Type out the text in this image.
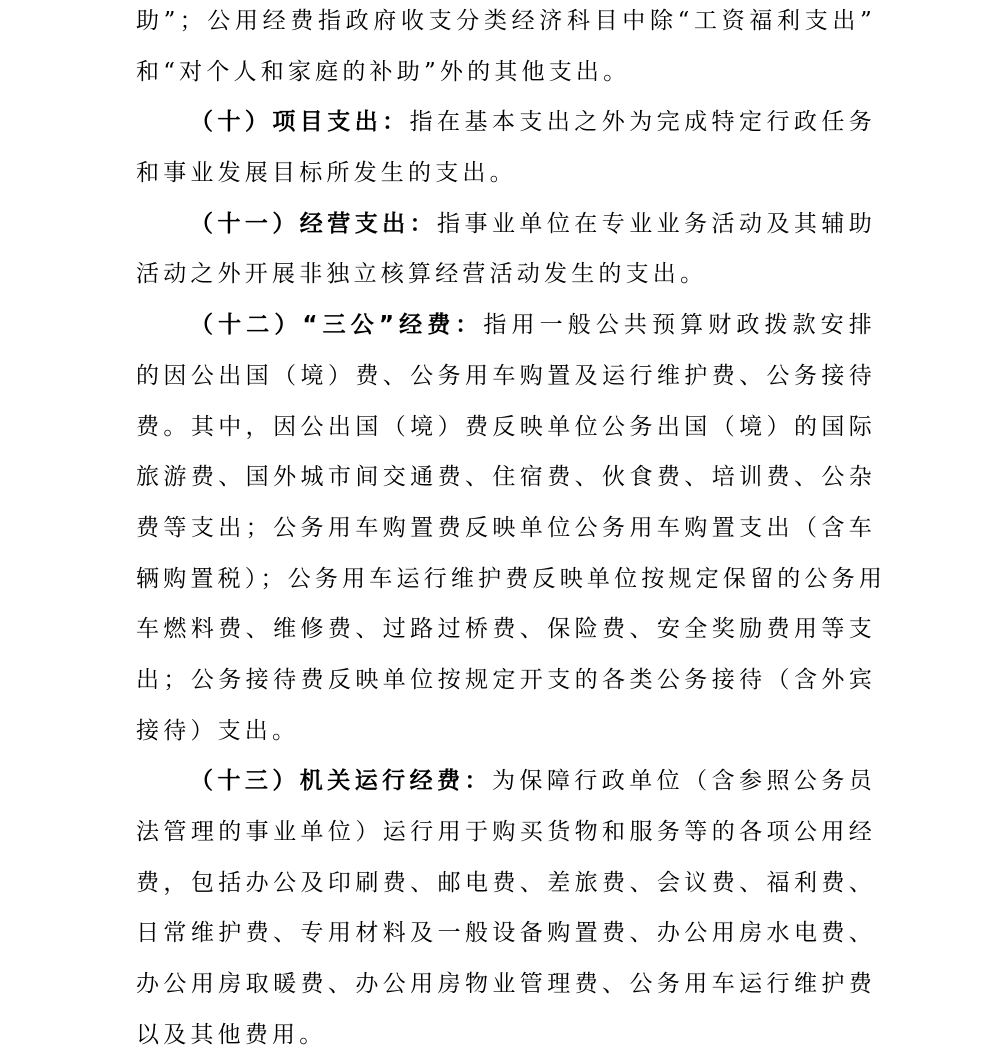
助”；公用经费指政府收支分类经济科目中除“工资福利支出”
和“对个人和家庭的补助”外的其他支出。
（十）项目支出：指在基本支出之外为完成特定行政任务
和事业发展目标所发生的支出。
（十一）经营支出：指事业单位在专业业务活动及其辅助
活动之外开展非独立核算经营活动发生的支出。
（十二）“三公”经费：指用一般公共预算财政拨款安排
的因公出国（境）费、公务用车购置及运行维护费、公务接待
费。其中，因公出国（境）费反映单位公务出国（境）的国际
旅游费、国外城市间交通费、住宿费、伙食费、培训费、公杂
费等支出；公务用车购置费反映单位公务用车购置支出（含车
辆购置税）；公务用车运行维护费反映单位按规定保留的公务用
车燃料费、维修费、过路过桥费、保险费、安全奖励费用等支
出；公务接待费反映单位按规定开支的各类公务接待（含外宾
接待）支出。
（十三）机关运行经费：为保障行政单位（含参照公务员
法管理的事业单位）运行用于购买货物和服务等的各项公用经
费，包括办公及印刷费、邮电费、差旅费、会议费、福利费、
日常维护费、专用材料及一般设备购置费、办公用房水电费、
办公用房取暖费、办公用房物业管理费、公务用车运行维护费
以及其他费用。
